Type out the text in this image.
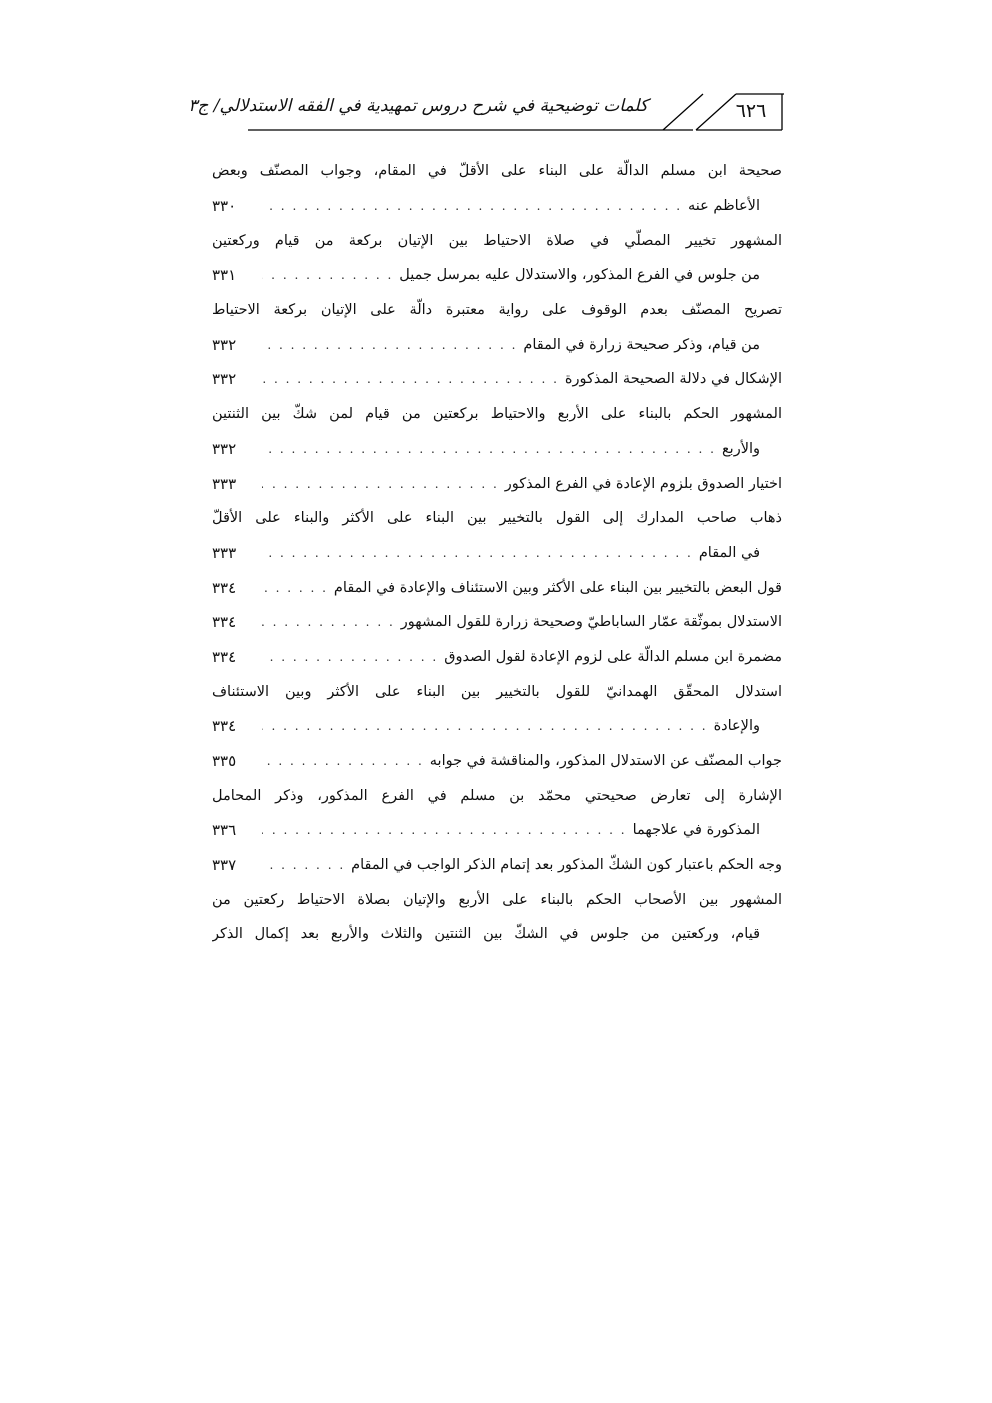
٦٢٦
كلمات توضيحية في شرح دروس تمهيدية في الفقه الاستدلالي/ ج٣
صحيحة ابن مسلم الدالّة على البناء على الأقلّ في المقام، وجواب المصنّف وبعض
الأعاظم عنه
. . .
٣٣٠
المشهور تخيير المصلّي في صلاة الاحتياط بين الإتيان بركعة من قيام وركعتين
من جلوس في الفرع المذكور، والاستدلال عليه بمرسل جميل
. . .
٣٣١
تصريح المصنّف بعدم الوقوف على رواية معتبرة دالّة على الإتيان بركعة الاحتياط
من قيام، وذكر صحيحة زرارة في المقام
. . .
٣٣٢
الإشكال في دلالة الصحيحة المذكورة
. . .
٣٣٢
المشهور الحكم بالبناء على الأربع والاحتياط بركعتين من قيام لمن شكّ بين الثنتين
والأربع
. . .
٣٣٢
اختيار الصدوق بلزوم الإعادة في الفرع المذكور
. . .
٣٣٣
ذهاب صاحب المدارك إلى القول بالتخيير بين البناء على الأكثر والبناء على الأقلّ
في المقام
. . .
٣٣٣
قول البعض بالتخيير بين البناء على الأكثر وبين الاستئناف والإعادة في المقام
. . .
٣٣٤
الاستدلال بموثّقة عمّار الساباطيّ وصحيحة زرارة للقول المشهور
. . .
٣٣٤
مضمرة ابن مسلم الدالّة على لزوم الإعادة لقول الصدوق
. . .
٣٣٤
استدلال المحقّق الهمدانيّ للقول بالتخيير بين البناء على الأكثر وبين الاستئناف
والإعادة
. . .
٣٣٤
جواب المصنّف عن الاستدلال المذكور، والمناقشة في جوابه
. . .
٣٣٥
الإشارة إلى تعارض صحيحتي محمّد بن مسلم في الفرع المذكور، وذكر المحامل
المذكورة في علاجهما
. . .
٣٣٦
وجه الحكم باعتبار كون الشكّ المذكور بعد إتمام الذكر الواجب في المقام
. . .
٣٣٧
المشهور بين الأصحاب الحكم بالبناء على الأربع والإتيان بصلاة الاحتياط ركعتين من
قيام، وركعتين من جلوس في الشكّ بين الثنتين والثلاث والأربع بعد إكمال الذكر
